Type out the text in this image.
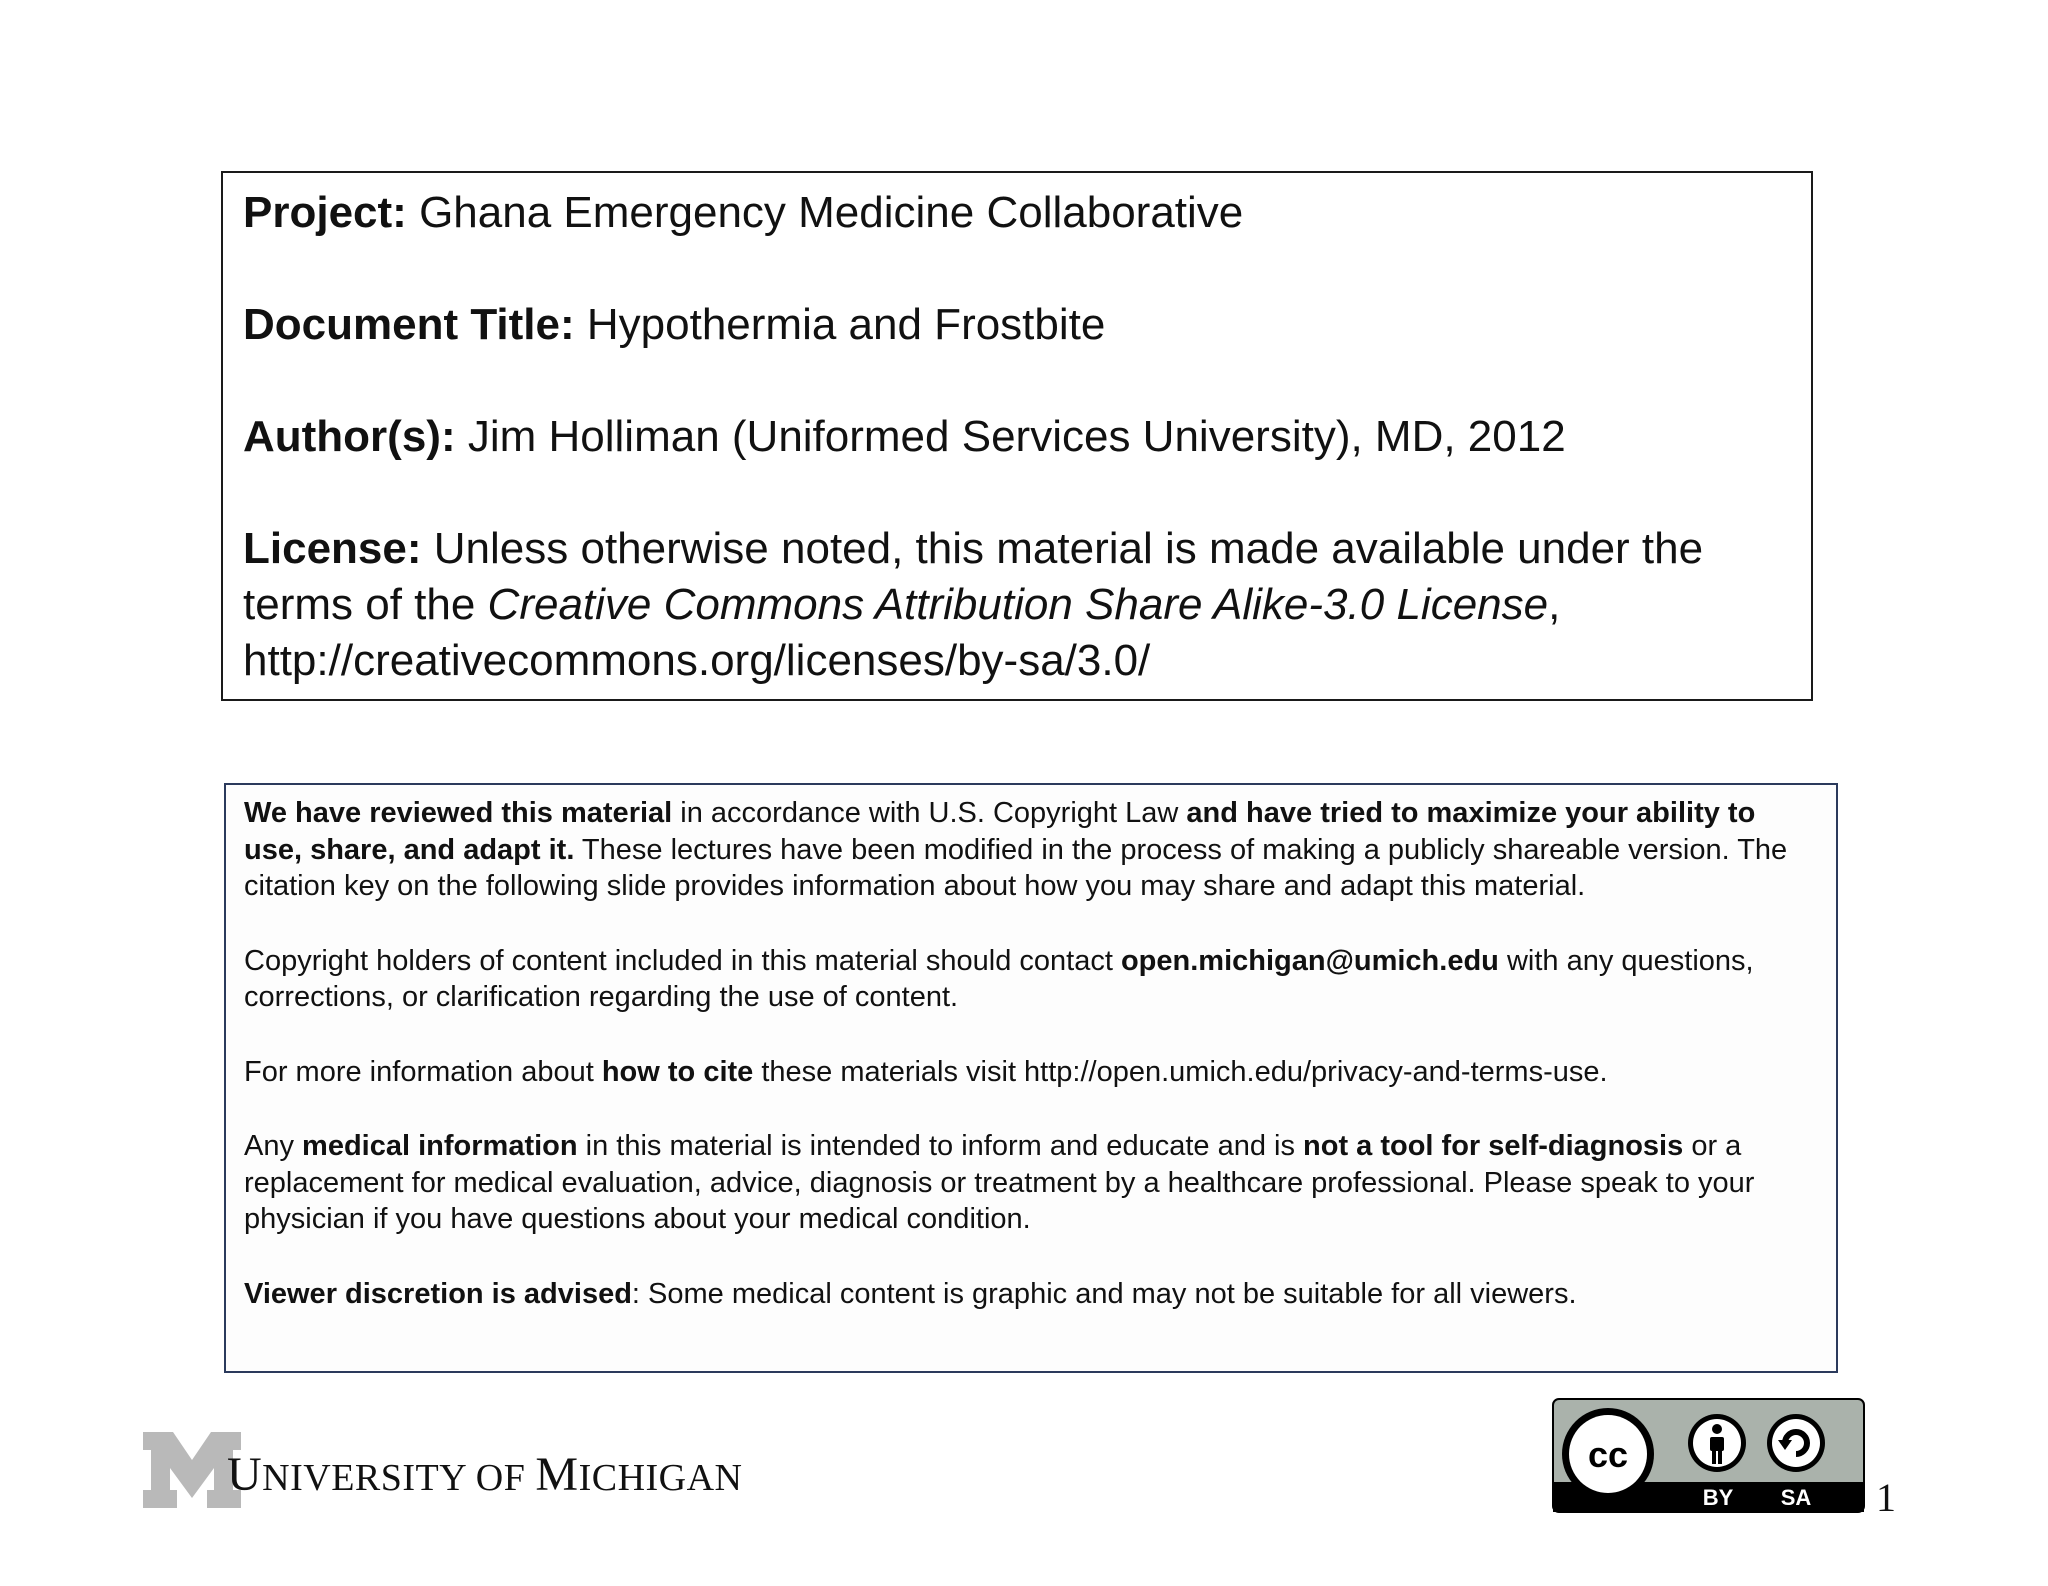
Project: Ghana Emergency Medicine Collaborative

Document Title: Hypothermia and Frostbite

Author(s): Jim Holliman (Uniformed Services University), MD, 2012

License: Unless otherwise noted, this material is made available under the terms of the Creative Commons Attribution Share Alike-3.0 License,
http://creativecommons.org/licenses/by-sa/3.0/

We have reviewed this material in accordance with U.S. Copyright Law and have tried to maximize your ability to use, share, and adapt it. These lectures have been modified in the process of making a publicly shareable version. The citation key on the following slide provides information about how you may share and adapt this material.

Copyright holders of content included in this material should contact open.michigan@umich.edu with any questions, corrections, or clarification regarding the use of content.

For more information about how to cite these materials visit http://open.umich.edu/privacy-and-terms-use.

Any medical information in this material is intended to inform and educate and is not a tool for self-diagnosis or a replacement for medical evaluation, advice, diagnosis or treatment by a healthcare professional. Please speak to your physician if you have questions about your medical condition.

Viewer discretion is advised: Some medical content is graphic and may not be suitable for all viewers.

UNIVERSITY OF MICHIGAN
cc
BY SA 1
